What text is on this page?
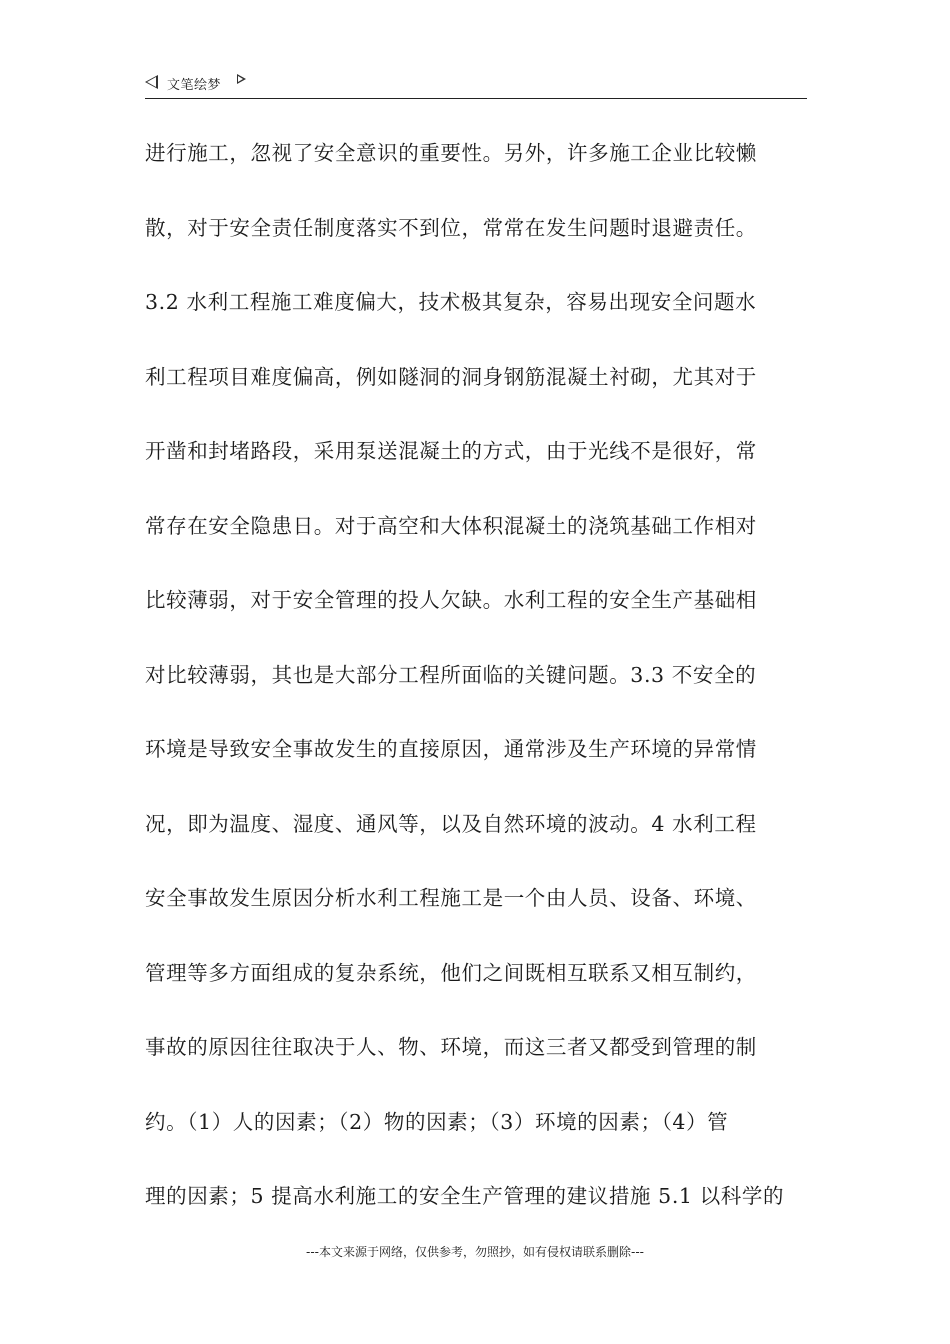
文笔绘梦
进行施工，忽视了安全意识的重要性。另外，许多施工企业比较懒
散，对于安全责任制度落实不到位，常常在发生问题时退避责任。
3.2 水利工程施工难度偏大，技术极其复杂，容易出现安全问题水
利工程项目难度偏高，例如隧洞的洞身钢筋混凝土衬砌，尤其对于
开凿和封堵路段，采用泵送混凝土的方式，由于光线不是很好，常
常存在安全隐患日。对于高空和大体积混凝土的浇筑基础工作相对
比较薄弱，对于安全管理的投人欠缺。水利工程的安全生产基础相
对比较薄弱，其也是大部分工程所面临的关键问题。3.3 不安全的
环境是导致安全事故发生的直接原因，通常涉及生产环境的异常情
况，即为温度、湿度、通风等，以及自然环境的波动。4 水利工程
安全事故发生原因分析水利工程施工是一个由人员、设备、环境、
管理等多方面组成的复杂系统，他们之间既相互联系又相互制约，
事故的原因往往取决于人、物、环境，而这三者又都受到管理的制
约。（1）人的因素；（2）物的因素；（3）环境的因素；（4）管
理的因素；5 提高水利施工的安全生产管理的建议措施 5.1 以科学的
---本文来源于网络，仅供参考，勿照抄，如有侵权请联系删除---
